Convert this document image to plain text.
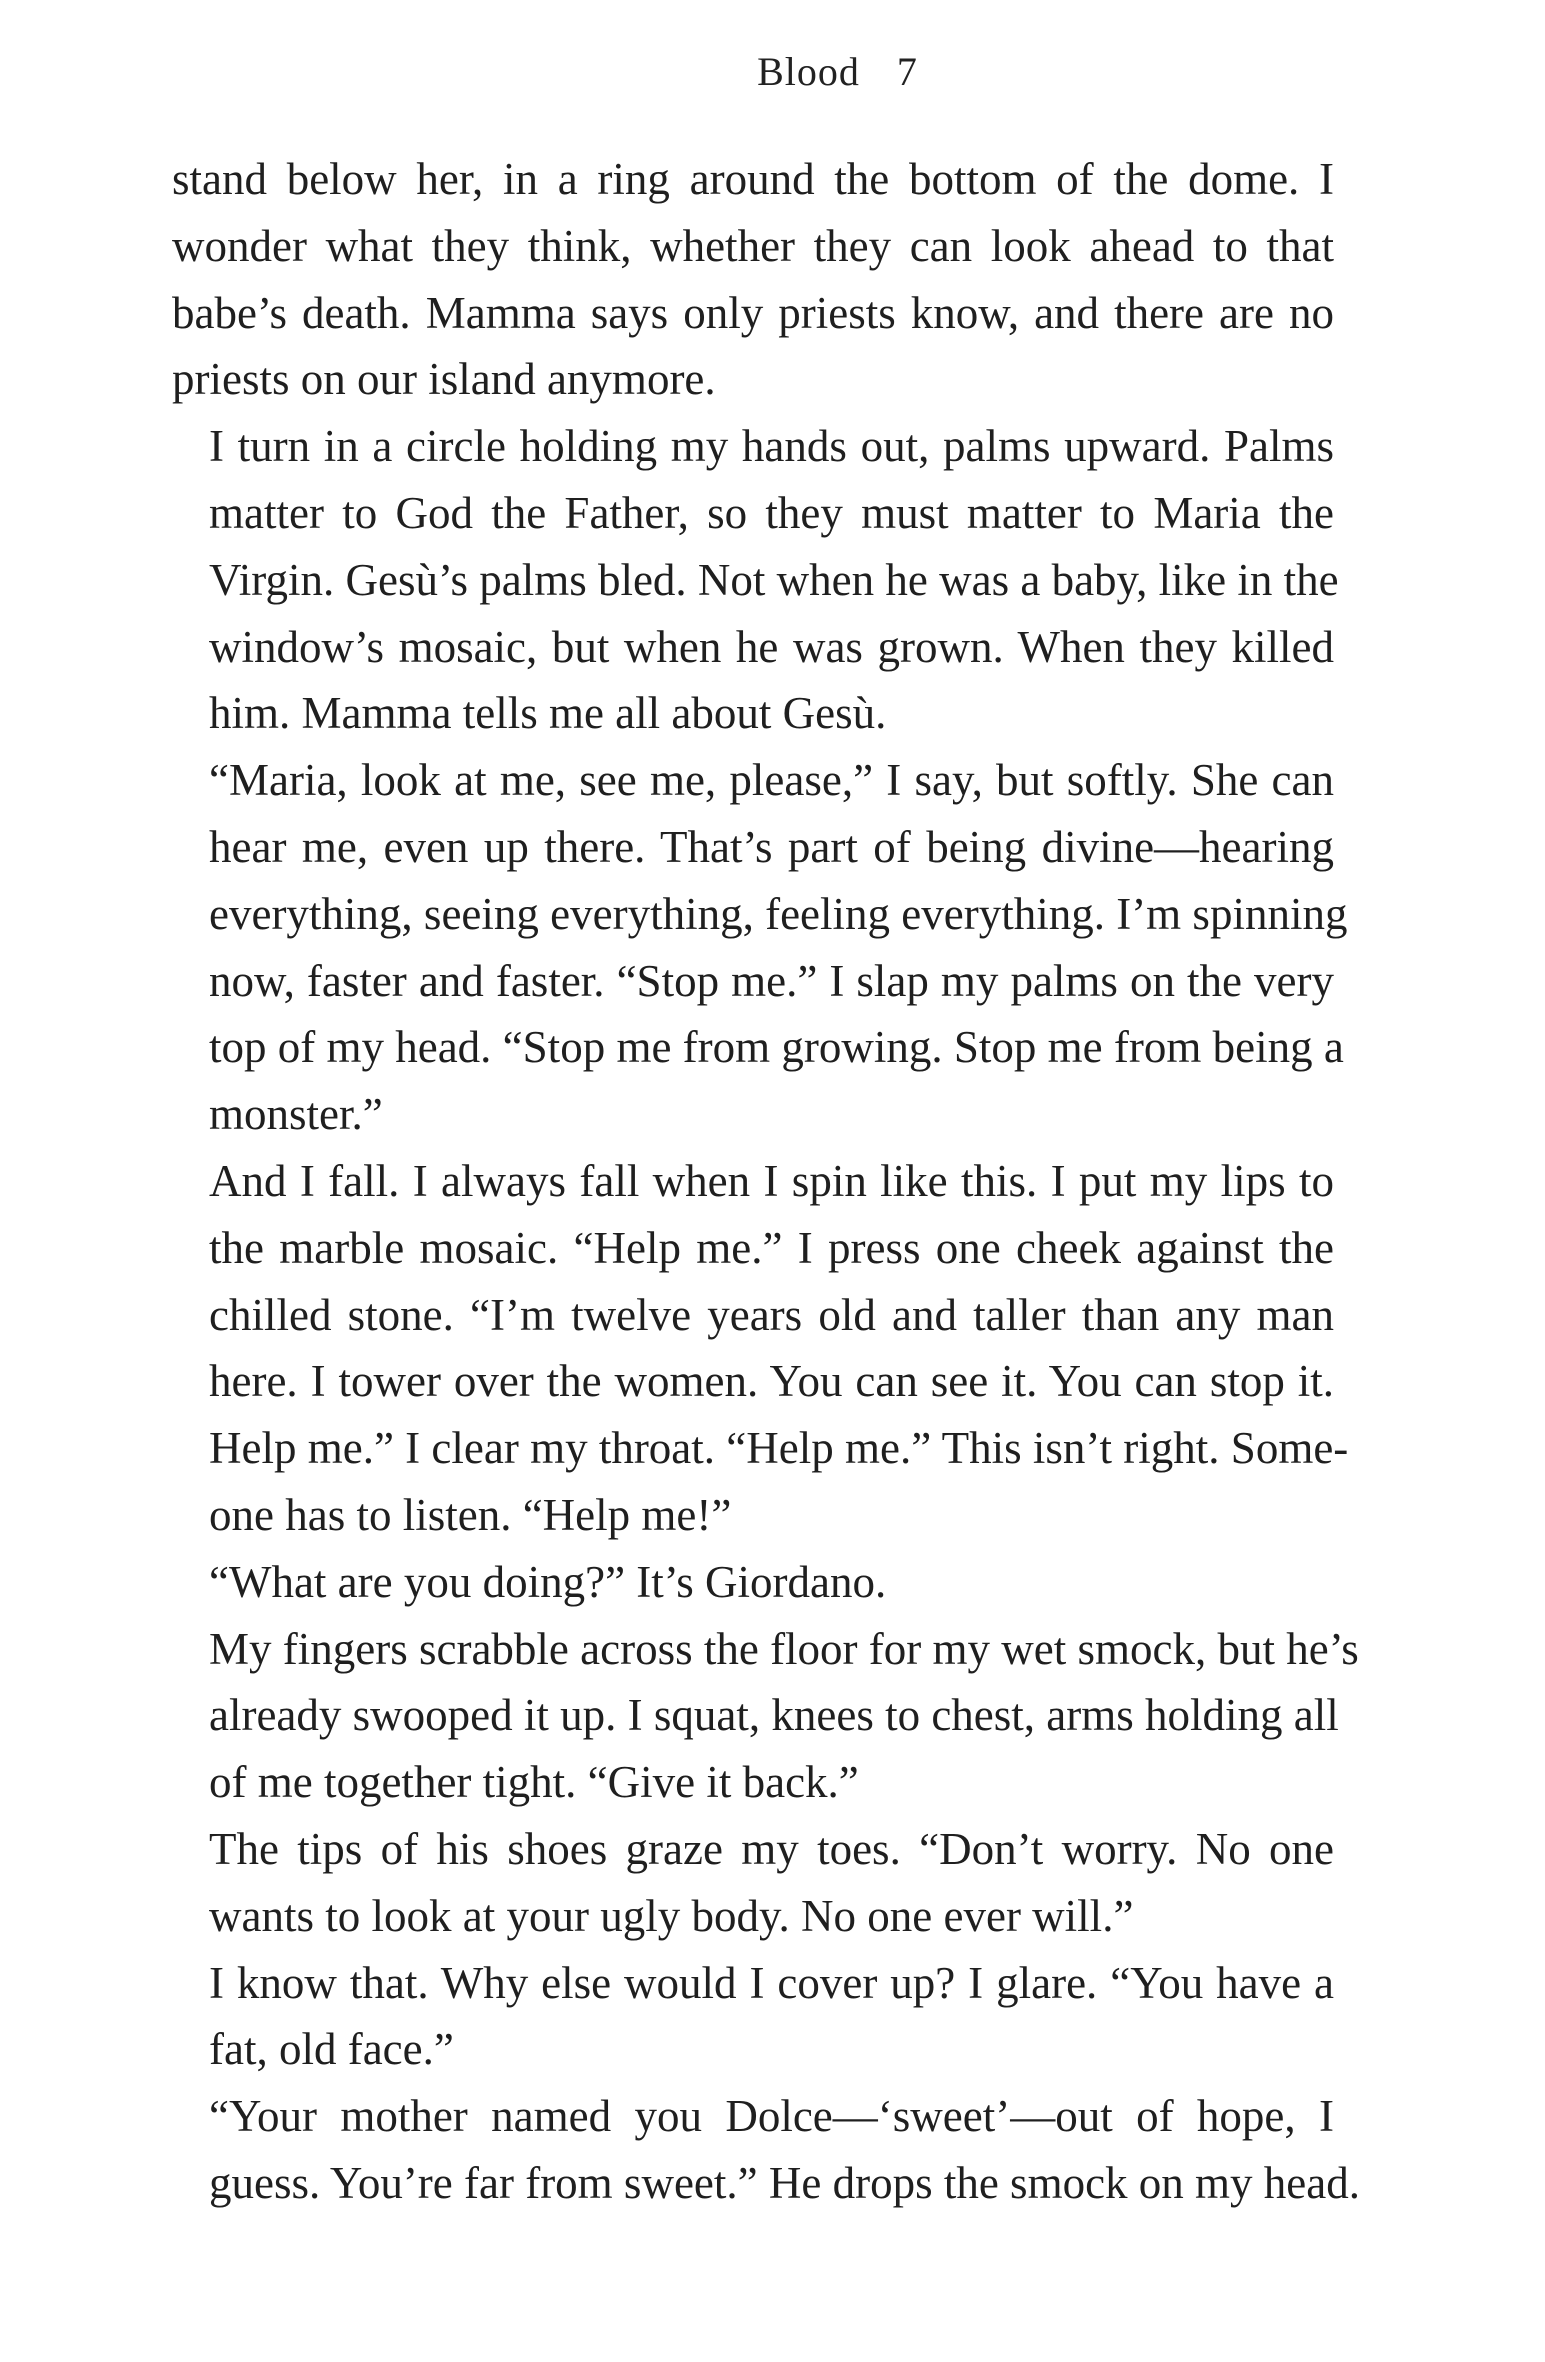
Blood 7

stand below her, in a ring around the bottom of the dome. I
wonder what they think, whether they can look ahead to that
babe’s death. Mamma says only priests know, and there are no
priests on our island anymore.

I turn in a circle holding my hands out, palms upward. Palms
matter to God the Father, so they must matter to Maria the
Virgin. Gesù’s palms bled. Not when he was a baby, like in the
window’s mosaic, but when he was grown. When they killed
him. Mamma tells me all about Gesù.

“Maria, look at me, see me, please,” I say, but softly. She can
hear me, even up there. That’s part of being divine—hearing
everything, seeing everything, feeling everything. I’m spinning
now, faster and faster. “Stop me.” I slap my palms on the very
top of my head. “Stop me from growing. Stop me from being a
monster.”

And I fall. I always fall when I spin like this. I put my lips to
the marble mosaic. “Help me.” I press one cheek against the
chilled stone. “I’m twelve years old and taller than any man
here. I tower over the women. You can see it. You can stop it.
Help me.” I clear my throat. “Help me.” This isn’t right. Some-
one has to listen. “Help me!”

“What are you doing?” It’s Giordano.

My fingers scrabble across the floor for my wet smock, but he’s
already swooped it up. I squat, knees to chest, arms holding all
of me together tight. “Give it back.”

The tips of his shoes graze my toes. “Don’t worry. No one
wants to look at your ugly body. No one ever will.”

I know that. Why else would I cover up? I glare. “You have a
fat, old face.”

“Your mother named you Dolce—‘sweet’—out of hope, I
guess. You’re far from sweet.” He drops the smock on my head.
